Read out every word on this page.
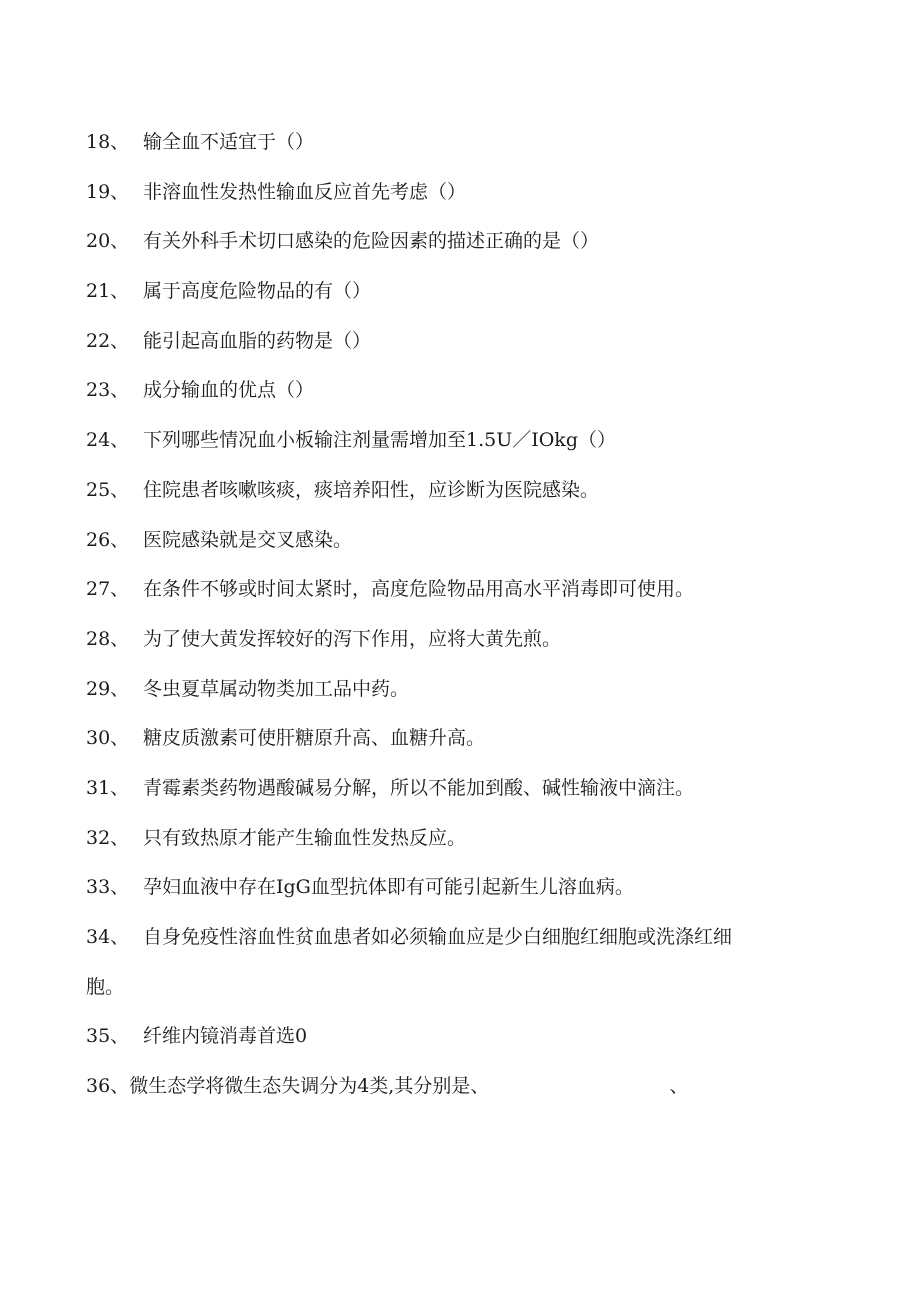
18、 输全血不适宜于（）
19、 非溶血性发热性输血反应首先考虑（）
20、 有关外科手术切口感染的危险因素的描述正确的是（）
21、 属于高度危险物品的有（）
22、 能引起高血脂的药物是（）
23、 成分输血的优点（）
24、 下列哪些情况血小板输注剂量需增加至1.5U／IOkg（）
25、 住院患者咳嗽咳痰，痰培养阳性，应诊断为医院感染。
26、 医院感染就是交叉感染。
27、 在条件不够或时间太紧时，高度危险物品用高水平消毒即可使用。
28、 为了使大黄发挥较好的泻下作用，应将大黄先煎。
29、 冬虫夏草属动物类加工品中药。
30、 糖皮质激素可使肝糖原升高、血糖升高。
31、 青霉素类药物遇酸碱易分解，所以不能加到酸、碱性输液中滴注。
32、 只有致热原才能产生输血性发热反应。
33、 孕妇血液中存在IgG血型抗体即有可能引起新生儿溶血病。
34、 自身免疫性溶血性贫血患者如必须输血应是少白细胞红细胞或洗涤红细
胞。
35、 纤维内镜消毒首选0
36、 微生态学将微生态失调分为4类,其分别是、	、
